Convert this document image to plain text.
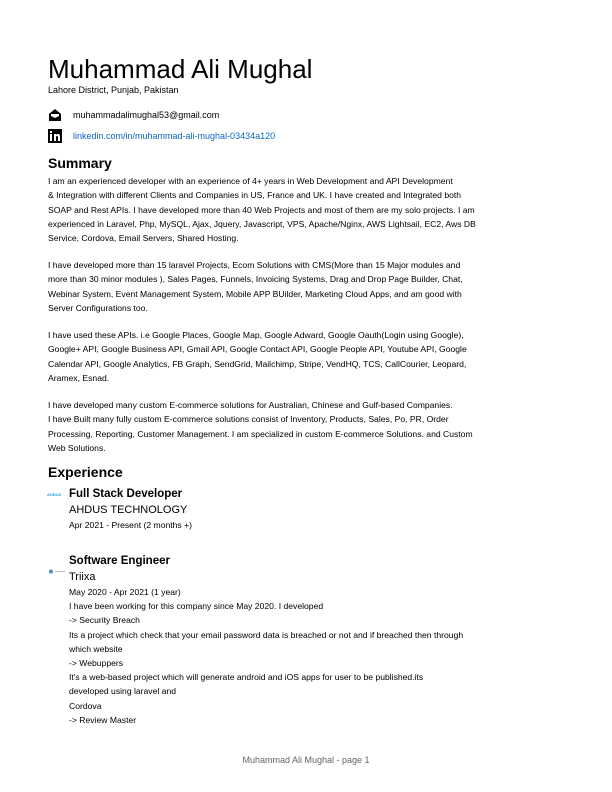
Muhammad Ali Mughal
Lahore District, Punjab, Pakistan
muhammadalimughal53@gmail.com
linkedin.com/in/muhammad-ali-mughal-03434a120
Summary
I am an experienced developer with an experience of 4+ years in Web Development and API Development
& Integration with different Clients and Companies in US, France and UK. I have created and Integrated both
SOAP and Rest APIs. I have developed more than 40 Web Projects and most of them are my solo projects. I am
experienced in Laravel, Php, MySQL, Ajax, Jquery, Javascript, VPS, Apache/Nginx, AWS Lightsail, EC2, Aws DB
Service, Cordova, Email Servers, Shared Hosting.
I have developed more than 15 laravel Projects, Ecom Solutions with CMS(More than 15 Major modules and
more than 30 minor modules ), Sales Pages, Funnels, Invoicing Systems, Drag and Drop Page Builder, Chat,
Webinar System, Event Management System, Mobile APP BUilder, Marketing Cloud Apps, and am good with
Server Configurations too.
I have used these APIs. i.e Google Places, Google Map, Google Adward, Google Oauth(Login using Google),
Google+ API, Google Business API, Gmail API, Google Contact API, Google People API, Youtube API, Google
Calendar API, Google Analytics, FB Graph, SendGrid, Mailchimp, Stripe, VendHQ, TCS, CallCourier, Leopard,
Aramex, Esnad.
I have developed many custom E-commerce solutions for Australian, Chinese and Gulf-based Companies.
I have Built many fully custom E-commerce solutions consist of Inventory, Products, Sales, Po, PR, Order
Processing, Reporting, Customer Management. I am specialized in custom E-commerce Solutions. and Custom
Web Solutions.
Experience
AHDUS Full Stack Developer
AHDUS TECHNOLOGY
Apr 2021 - Present (2 months +)
Software Engineer
Triixa
May 2020 - Apr 2021 (1 year)
I have been working for this company since May 2020. I developed
-> Security Breach
Its a project which check that your email password data is breached or not and if breached then through
which website
-> Webuppers
It's a web-based project which will generate android and iOS apps for user to be published.its
developed using laravel and
Cordova
-> Review Master
Muhammad Ali Mughal - page 1
